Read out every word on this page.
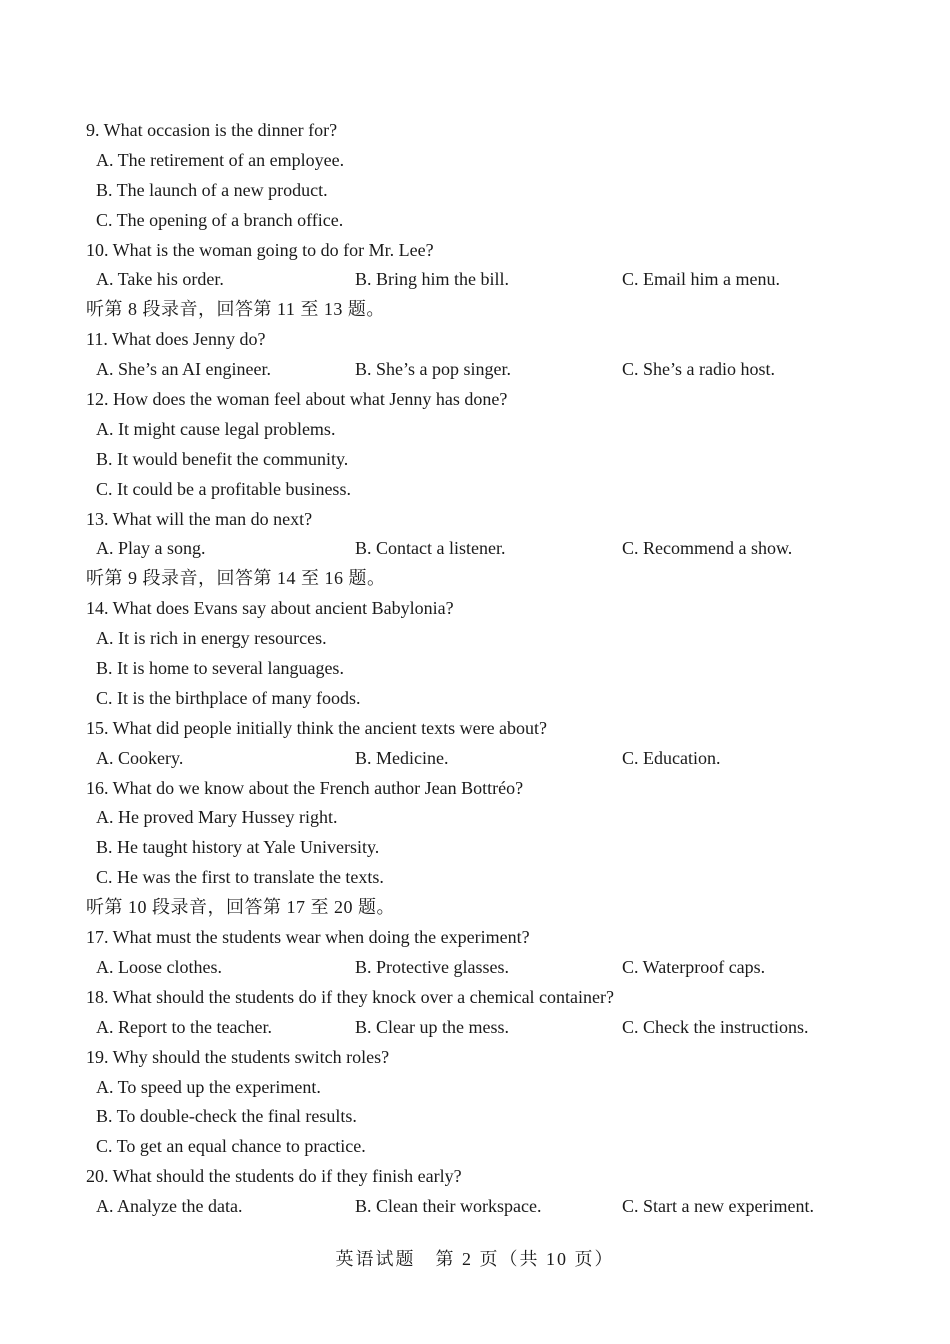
9. What occasion is the dinner for?
A. The retirement of an employee.
B. The launch of a new product.
C. The opening of a branch office.
10. What is the woman going to do for Mr. Lee?
A. Take his order.	B. Bring him the bill.	C. Email him a menu.
听第 8 段录音，回答第 11 至 13 题。
11. What does Jenny do?
A. She’s an AI engineer.	B. She’s a pop singer.	C. She’s a radio host.
12. How does the woman feel about what Jenny has done?
A. It might cause legal problems.
B. It would benefit the community.
C. It could be a profitable business.
13. What will the man do next?
A. Play a song.	B. Contact a listener.	C. Recommend a show.
听第 9 段录音，回答第 14 至 16 题。
14. What does Evans say about ancient Babylonia?
A. It is rich in energy resources.
B. It is home to several languages.
C. It is the birthplace of many foods.
15. What did people initially think the ancient texts were about?
A. Cookery.	B. Medicine.	C. Education.
16. What do we know about the French author Jean Bottréo?
A. He proved Mary Hussey right.
B. He taught history at Yale University.
C. He was the first to translate the texts.
听第 10 段录音，回答第 17 至 20 题。
17. What must the students wear when doing the experiment?
A. Loose clothes.	B. Protective glasses.	C. Waterproof caps.
18. What should the students do if they knock over a chemical container?
A. Report to the teacher.	B. Clear up the mess.	C. Check the instructions.
19. Why should the students switch roles?
A. To speed up the experiment.
B. To double-check the final results.
C. To get an equal chance to practice.
20. What should the students do if they finish early?
A. Analyze the data.	B. Clean their workspace.	C. Start a new experiment.
英语试题　第 2 页（共 10 页）
